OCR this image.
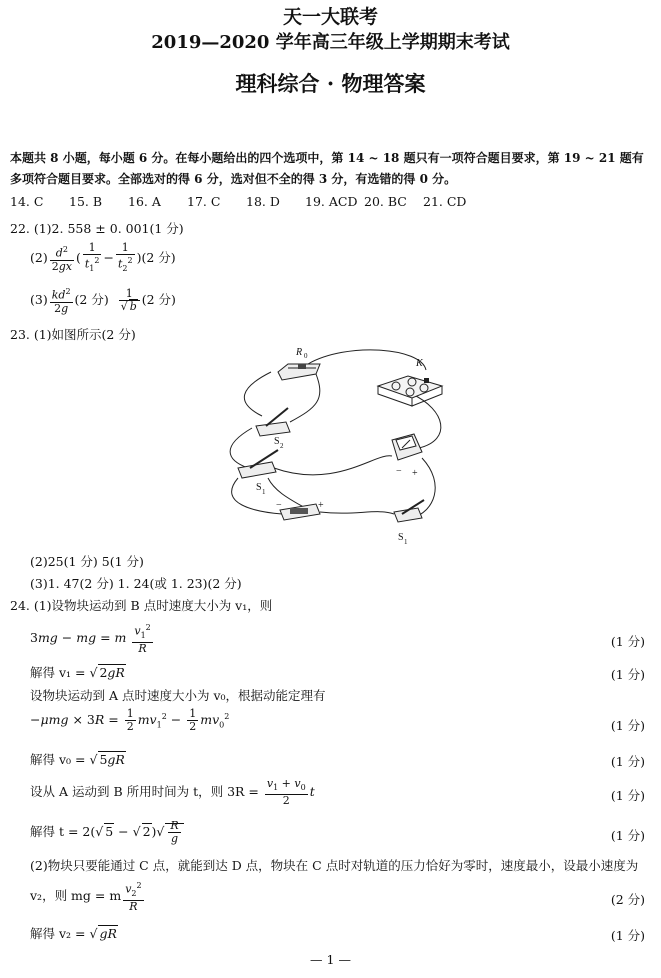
天一大联考
2019—2020 学年高三年级上学期期末考试
理科综合 · 物理答案
本题共 8 小题，每小题 6 分。在每小题给出的四个选项中，第 14 ~ 18 题只有一项符合题目要求，第 19 ~ 21 题有多项符合题目要求。全部选对的得 6 分，选对但不全的得 3 分，有选错的得 0 分。
14. C 15. B 16. A 17. C 18. D 19. ACD 20. BC 21. CD
22. (1)2. 558 ± 0. 001(1 分)
$(2) \frac{d^2}{2gx}$ ( $\frac{1}{t_1^2} - \frac{1}{t_2^2} )(2$ 分)
$(3) \frac{kd^2}{2g} (2$ 分) $\frac{1}{√ b} (2$ 分)
23. (1)如图所示(2 分)
R 0
K
S 2
S 1
S 1
− +
−	+
(2)25(1 分) 5(1 分)
(3)1. 47(2 分) 1. 24(或 1. 23)(2 分)
24. (1)设物块运动到 B 点时速度大小为 v₁，则
3mg − mg = m $\frac{v_1^2}{R}$	(1 分)
解得 v₁ = √ 2gR	(1 分)
设物块运动到 A 点时速度大小为 v₀，根据动能定理有
$-\mu mg \times 3R = \frac{1}{2} mv_1^2 - \frac{1}{2} mv_0^2$
(1 分)
解得 v₀ = √ 5gR	(1 分)
设从 A 运动到 B 所用时间为 t，则 $3R = \frac{v_1 + v_0}{2}$ t	(1 分)
解得 t = 2(√ 5 − √ $2)√ \frac{R}{g}$	(1 分)
(2)物块只要能通过 C 点，就能到达 D 点，物块在 C 点时对轨道的压力恰好为零时，速度最小，设最小速度为
v₂，则 mg = m $\frac{v_2^2}{R}$	(2 分)
解得 v₂ = √ gR	(1 分)
— 1 —
